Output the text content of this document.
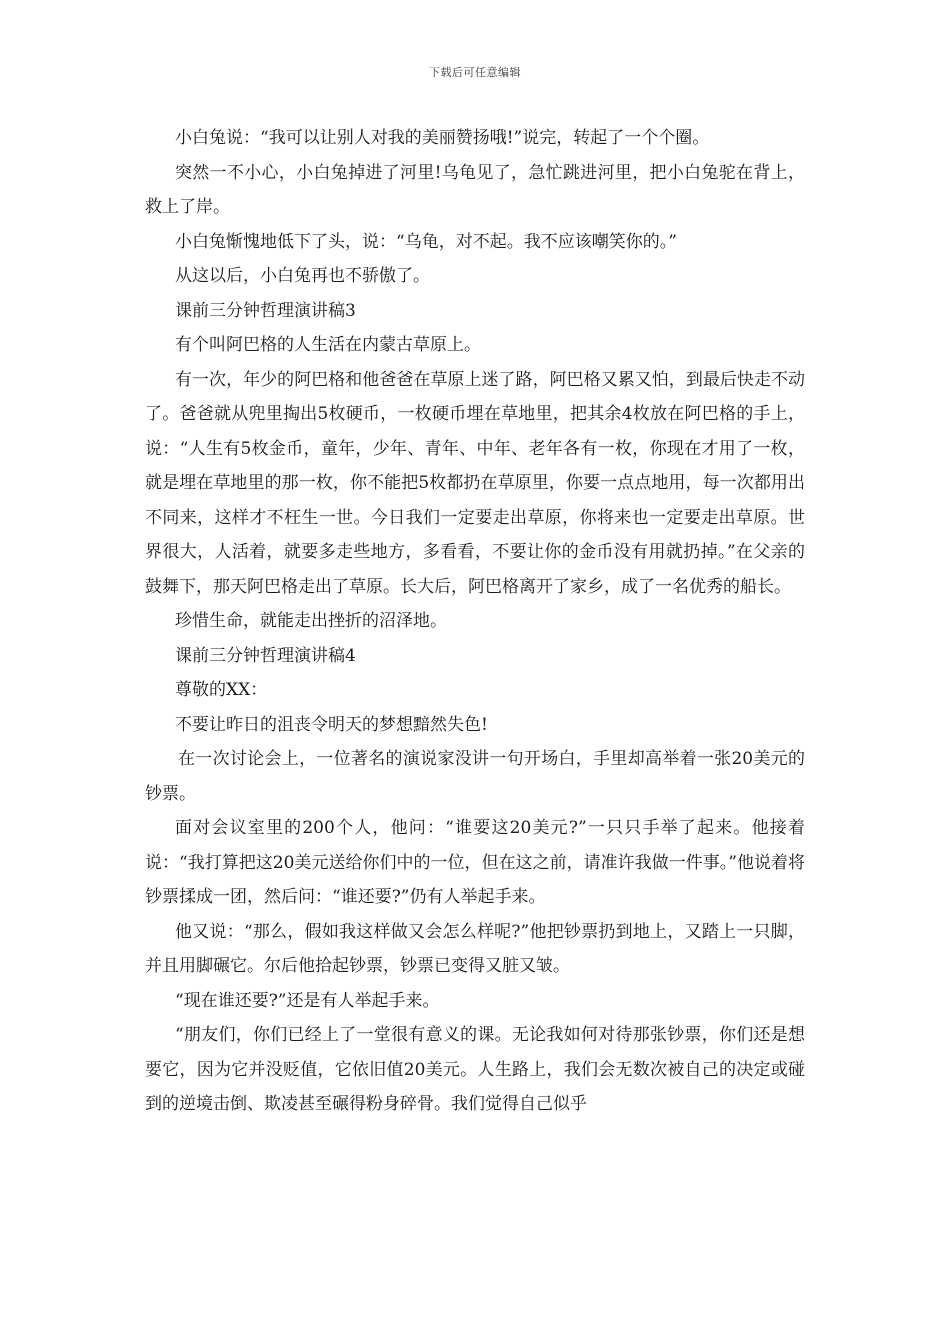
下载后可任意编辑

小白兔说：“我可以让别人对我的美丽赞扬哦!”说完，转起了一个个圈。

突然一不小心，小白兔掉进了河里!乌龟见了，急忙跳进河里，把小白兔驼在背上，救上了岸。

小白兔惭愧地低下了头，说：“乌龟，对不起。我不应该嘲笑你的。”

从这以后，小白兔再也不骄傲了。

课前三分钟哲理演讲稿3

有个叫阿巴格的人生活在内蒙古草原上。

有一次，年少的阿巴格和他爸爸在草原上迷了路，阿巴格又累又怕，到最后快走不动了。爸爸就从兜里掏出5枚硬币，一枚硬币埋在草地里，把其余4枚放在阿巴格的手上，说：“人生有5枚金币，童年，少年、青年、中年、老年各有一枚，你现在才用了一枚，就是埋在草地里的那一枚，你不能把5枚都扔在草原里，你要一点点地用，每一次都用出不同来，这样才不枉生一世。今日我们一定要走出草原，你将来也一定要走出草原。世界很大，人活着，就要多走些地方，多看看，不要让你的金币没有用就扔掉。”在父亲的鼓舞下，那天阿巴格走出了草原。长大后，阿巴格离开了家乡，成了一名优秀的船长。

珍惜生命，就能走出挫折的沼泽地。

课前三分钟哲理演讲稿4

尊敬的XX：

不要让昨日的沮丧令明天的梦想黯然失色!

在一次讨论会上，一位著名的演说家没讲一句开场白，手里却高举着一张20美元的钞票。

面对会议室里的200个人，他问：“谁要这20美元?”一只只手举了起来。他接着说：“我打算把这20美元送给你们中的一位，但在这之前，请准许我做一件事。”他说着将钞票揉成一团，然后问：“谁还要?”仍有人举起手来。

他又说：“那么，假如我这样做又会怎么样呢?”他把钞票扔到地上，又踏上一只脚，并且用脚碾它。尔后他拾起钞票，钞票已变得又脏又皱。

“现在谁还要?”还是有人举起手来。

“朋友们，你们已经上了一堂很有意义的课。无论我如何对待那张钞票，你们还是想要它，因为它并没贬值，它依旧值20美元。人生路上，我们会无数次被自己的决定或碰到的逆境击倒、欺凌甚至碾得粉身碎骨。我们觉得自己似乎
